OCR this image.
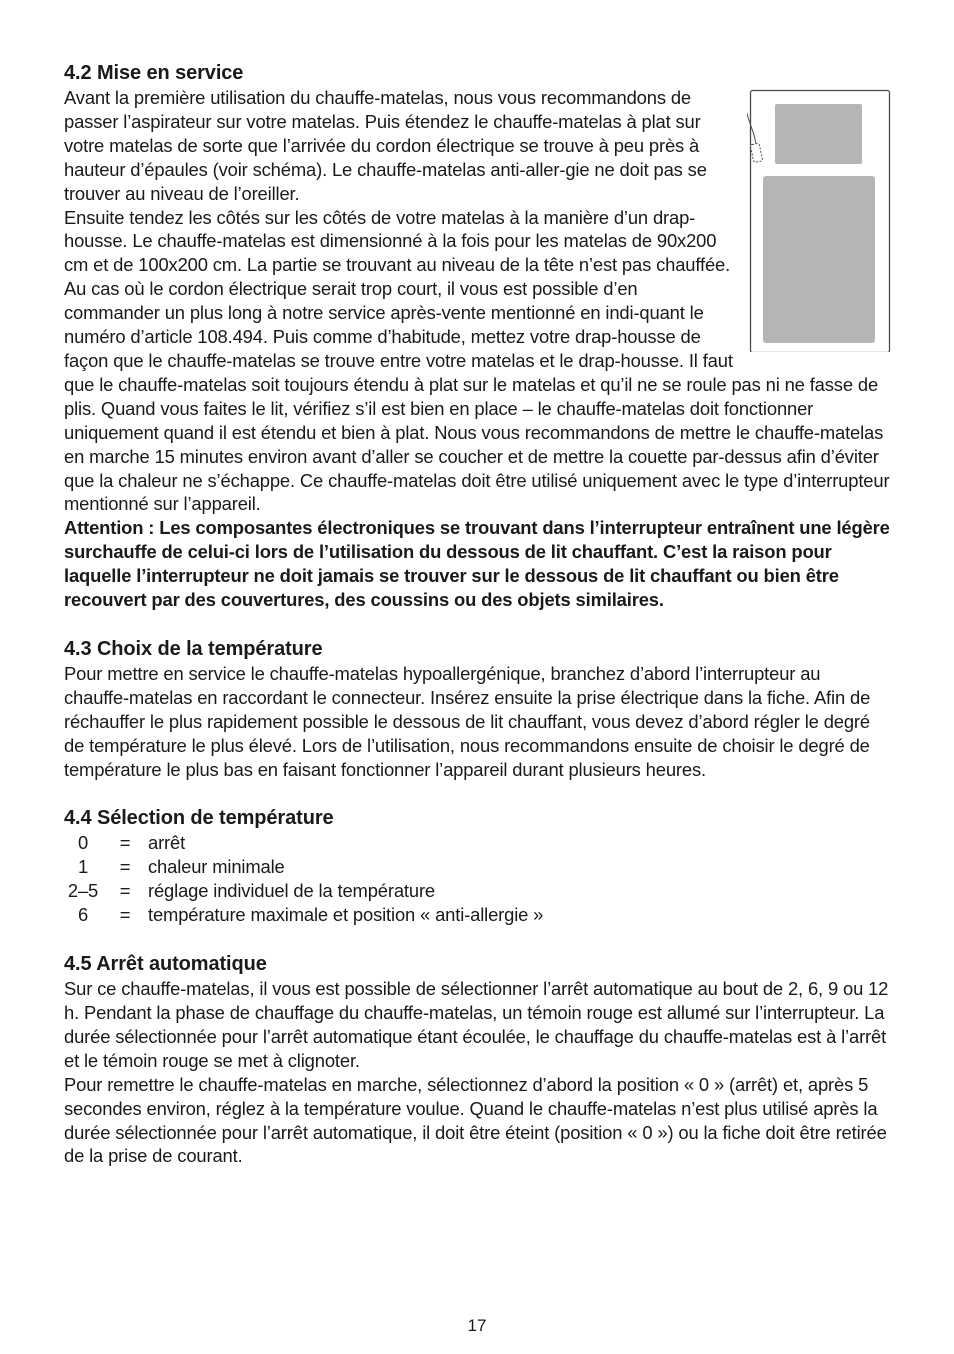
4.2 Mise en service

Avant la première utilisation du chauffe-matelas, nous vous recommandons de passer l’aspirateur sur votre matelas. Puis étendez le chauffe-matelas à plat sur votre matelas de sorte que l’arrivée du cordon électrique se trouve à peu près à hauteur d’épaules (voir schéma). Le chauffe-matelas anti-aller-gie ne doit pas se trouver au niveau de l’oreiller.

Ensuite tendez les côtés sur les côtés de votre matelas à la manière d’un drap-housse. Le chauffe-matelas est dimensionné à la fois pour les matelas de 90x200 cm et de 100x200 cm. La partie se trouvant au niveau de la tête n’est pas chauffée.

Au cas où le cordon électrique serait trop court, il vous est possible d’en commander un plus long à notre service après-vente mentionné en indi-quant le numéro d’article 108.494. Puis comme d’habitude, mettez votre drap-housse de façon que le chauffe-matelas se trouve entre votre matelas et le drap-housse. Il faut que le chauffe-matelas soit toujours étendu à plat sur le matelas et qu’il ne se roule pas ni ne fasse de plis. Quand vous faites le lit, vérifiez s’il est bien en place – le chauffe-matelas doit fonctionner uniquement quand il est étendu et bien à plat. Nous vous recommandons de mettre le chauffe-matelas en marche 15 minutes environ avant d’aller se coucher et de mettre la couette par-dessus afin d’éviter que la chaleur ne s’échappe. Ce chauffe-matelas doit être utilisé uniquement avec le type d’interrupteur mentionné sur l’appareil.

Attention : Les composantes électroniques se trouvant dans l’interrupteur entraînent une légère surchauffe de celui-ci lors de l’utilisation du dessous de lit chauffant. C’est la raison pour laquelle l’interrupteur ne doit jamais se trouver sur le dessous de lit chauffant ou bien être recouvert par des couvertures, des coussins ou des objets similaires.

4.3 Choix de la température

Pour mettre en service le chauffe-matelas hypoallergénique, branchez d’abord l’interrupteur au chauffe-matelas en raccordant le connecteur. Insérez ensuite la prise électrique dans la fiche. Afin de réchauffer le plus rapidement possible le dessous de lit chauffant, vous devez d’abord régler le degré de température le plus élevé. Lors de l’utilisation, nous recommandons ensuite de choisir le degré de température le plus bas en faisant fonctionner l’appareil durant plusieurs heures.

4.4 Sélection de température
0	=	arrêt
1	=	chaleur minimale
2–5	=	réglage individuel de la température
6	=	température maximale et position « anti-allergie »
4.5 Arrêt automatique

Sur ce chauffe-matelas, il vous est possible de sélectionner l’arrêt automatique au bout de 2, 6, 9 ou 12 h. Pendant la phase de chauffage du chauffe-matelas, un témoin rouge est allumé sur l’interrupteur. La durée sélectionnée pour l’arrêt automatique étant écoulée, le chauffage du chauffe-matelas est à l’arrêt et le témoin rouge se met à clignoter.

Pour remettre le chauffe-matelas en marche, sélectionnez d’abord la position « 0 » (arrêt) et, après 5 secondes environ, réglez à la température voulue. Quand le chauffe-matelas n’est plus utilisé après la durée sélectionnée pour l’arrêt automatique, il doit être éteint (position « 0 ») ou la fiche doit être retirée de la prise de courant.

17
